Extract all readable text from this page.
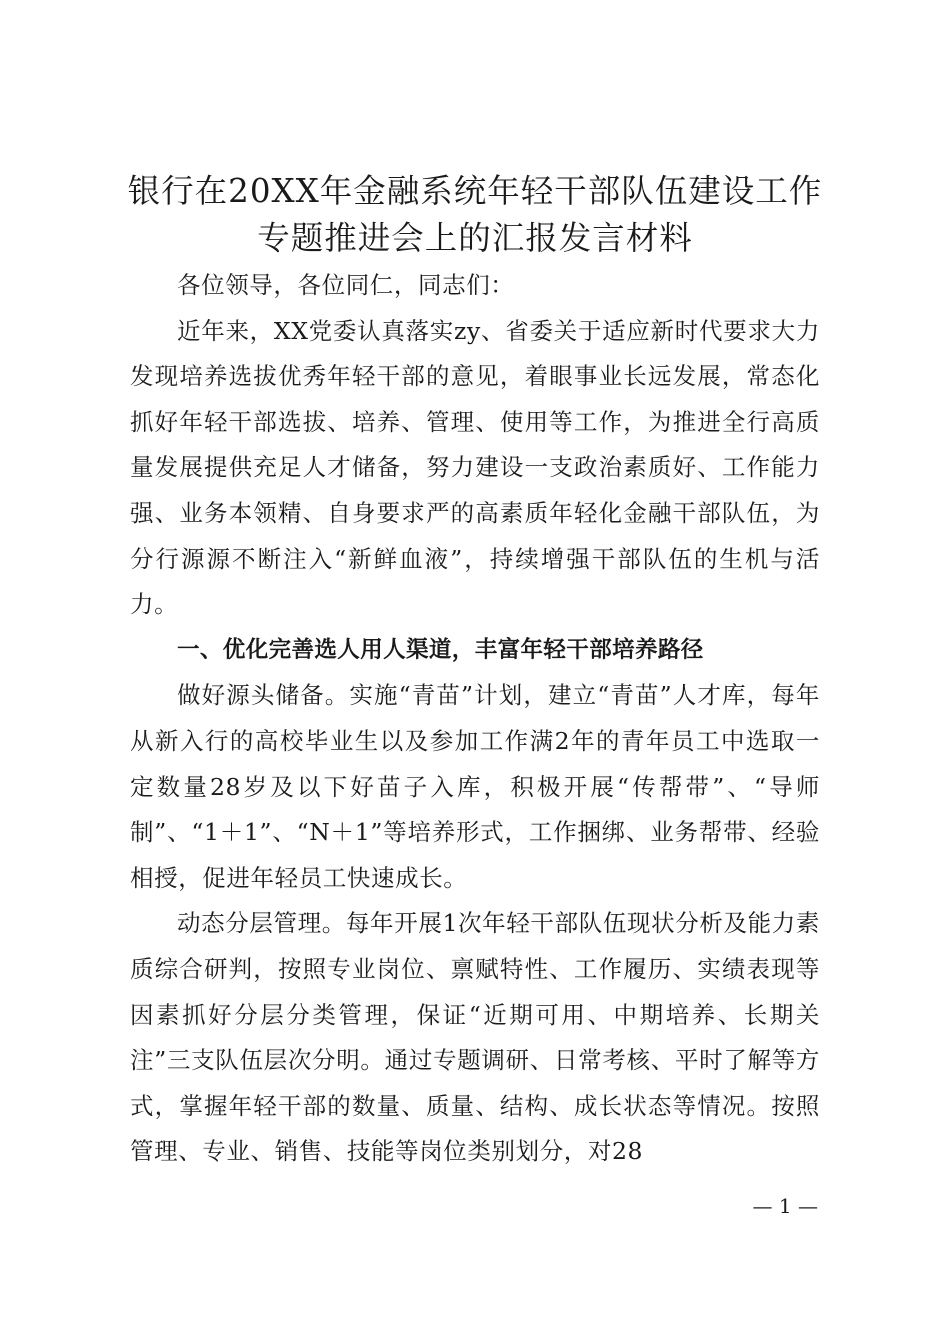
银行在20XX年金融系统年轻干部队伍建设工作专题推进会上的汇报发言材料

各位领导，各位同仁，同志们：

近年来，XX党委认真落实zy、省委关于适应新时代要求大力发现培养选拔优秀年轻干部的意见，着眼事业长远发展，常态化抓好年轻干部选拔、培养、管理、使用等工作，为推进全行高质量发展提供充足人才储备，努力建设一支政治素质好、工作能力强、业务本领精、自身要求严的高素质年轻化金融干部队伍，为分行源源不断注入“新鲜血液”，持续增强干部队伍的生机与活力。

一、优化完善选人用人渠道，丰富年轻干部培养路径

做好源头储备。实施“青苗”计划，建立“青苗”人才库，每年从新入行的高校毕业生以及参加工作满2年的青年员工中选取一定数量28岁及以下好苗子入库，积极开展“传帮带”、“导师制”、“1＋1”、“N＋1”等培养形式，工作捆绑、业务帮带、经验相授，促进年轻员工快速成长。

动态分层管理。每年开展1次年轻干部队伍现状分析及能力素质综合研判，按照专业岗位、禀赋特性、工作履历、实绩表现等因素抓好分层分类管理，保证“近期可用、中期培养、长期关注”三支队伍层次分明。通过专题调研、日常考核、平时了解等方式，掌握年轻干部的数量、质量、结构、成长状态等情况。按照管理、专业、销售、技能等岗位类别划分，对28

— 1 —
